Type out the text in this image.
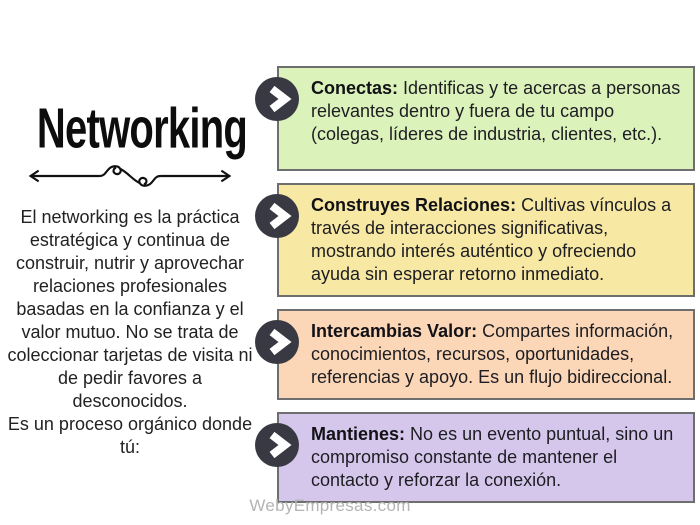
Networking

El networking es la práctica estratégica y continua de construir, nutrir y aprovechar relaciones profesionales basadas en la confianza y el valor mutuo. No se trata de coleccionar tarjetas de visita ni de pedir favores a desconocidos.

Es un proceso orgánico donde tú:

Conectas: Identificas y te acercas a personas relevantes dentro y fuera de tu campo (colegas, líderes de industria, clientes, etc.).
Construyes Relaciones: Cultivas vínculos a través de interacciones significativas, mostrando interés auténtico y ofreciendo ayuda sin esperar retorno inmediato.
Intercambias Valor: Compartes información, conocimientos, recursos, oportunidades, referencias y apoyo. Es un flujo bidireccional.
Mantienes: No es un evento puntual, sino un compromiso constante de mantener el contacto y reforzar la conexión.
WebyEmpresas.com
